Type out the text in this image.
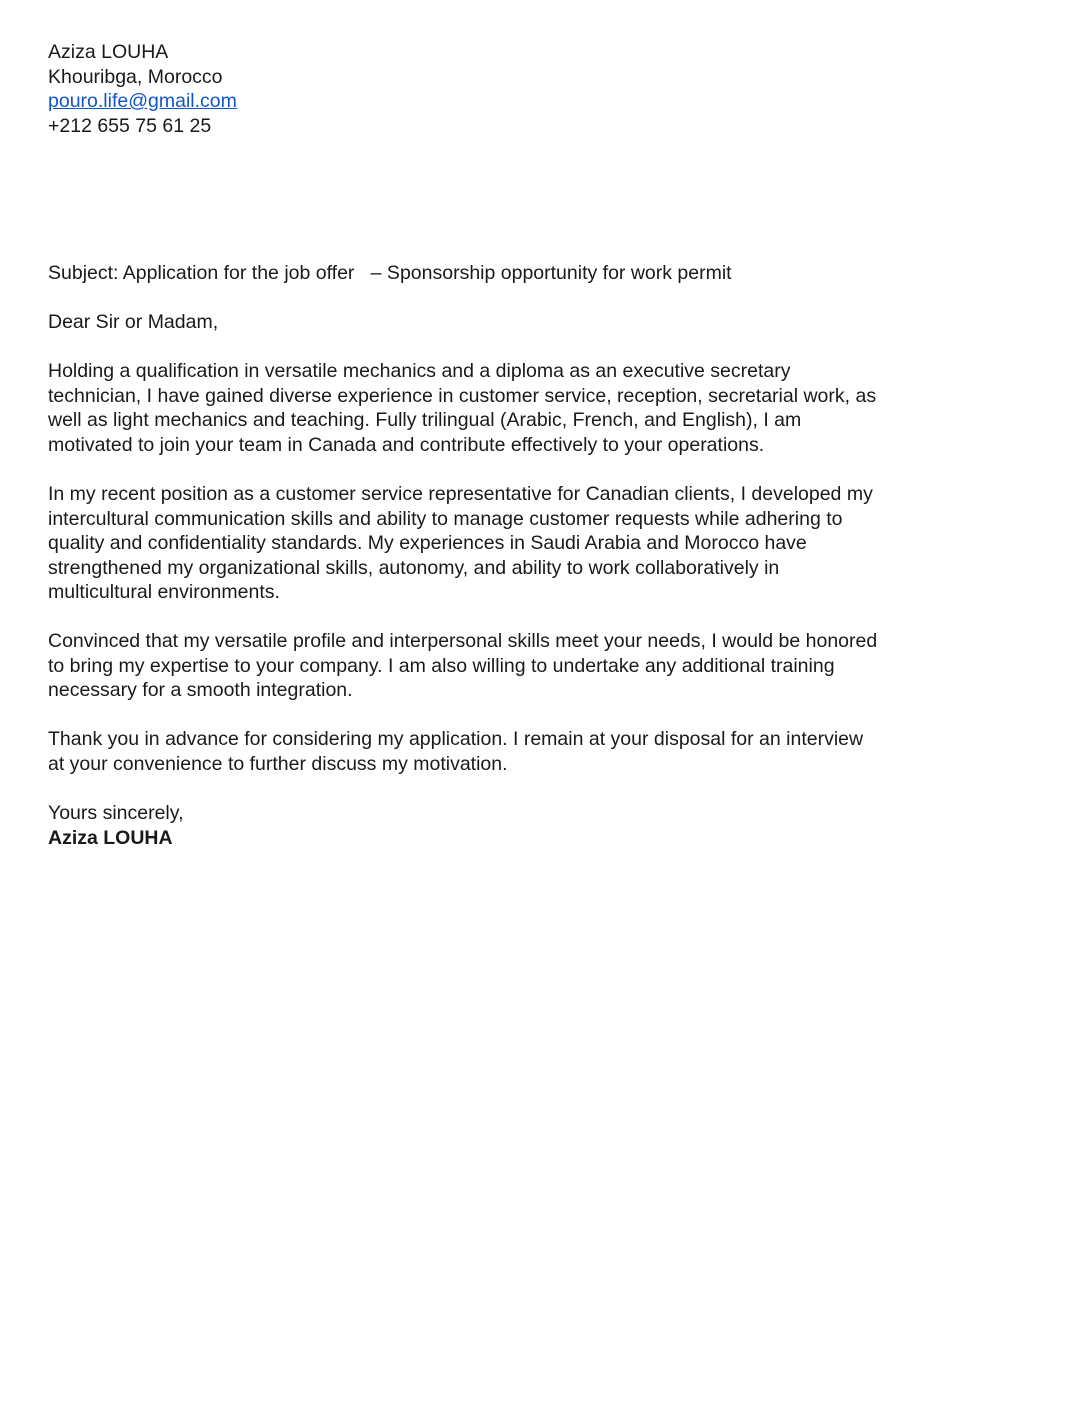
Aziza LOUHA
Khouribga, Morocco
pouro.life@gmail.com
+212 655 75 61 25
Subject: Application for the job offer   – Sponsorship opportunity for work permit
Dear Sir or Madam,
Holding a qualification in versatile mechanics and a diploma as an executive secretary
technician, I have gained diverse experience in customer service, reception, secretarial work, as
well as light mechanics and teaching. Fully trilingual (Arabic, French, and English), I am
motivated to join your team in Canada and contribute effectively to your operations.
In my recent position as a customer service representative for Canadian clients, I developed my
intercultural communication skills and ability to manage customer requests while adhering to
quality and confidentiality standards. My experiences in Saudi Arabia and Morocco have
strengthened my organizational skills, autonomy, and ability to work collaboratively in
multicultural environments.
Convinced that my versatile profile and interpersonal skills meet your needs, I would be honored
to bring my expertise to your company. I am also willing to undertake any additional training
necessary for a smooth integration.
Thank you in advance for considering my application. I remain at your disposal for an interview
at your convenience to further discuss my motivation.
Yours sincerely,
Aziza LOUHA
